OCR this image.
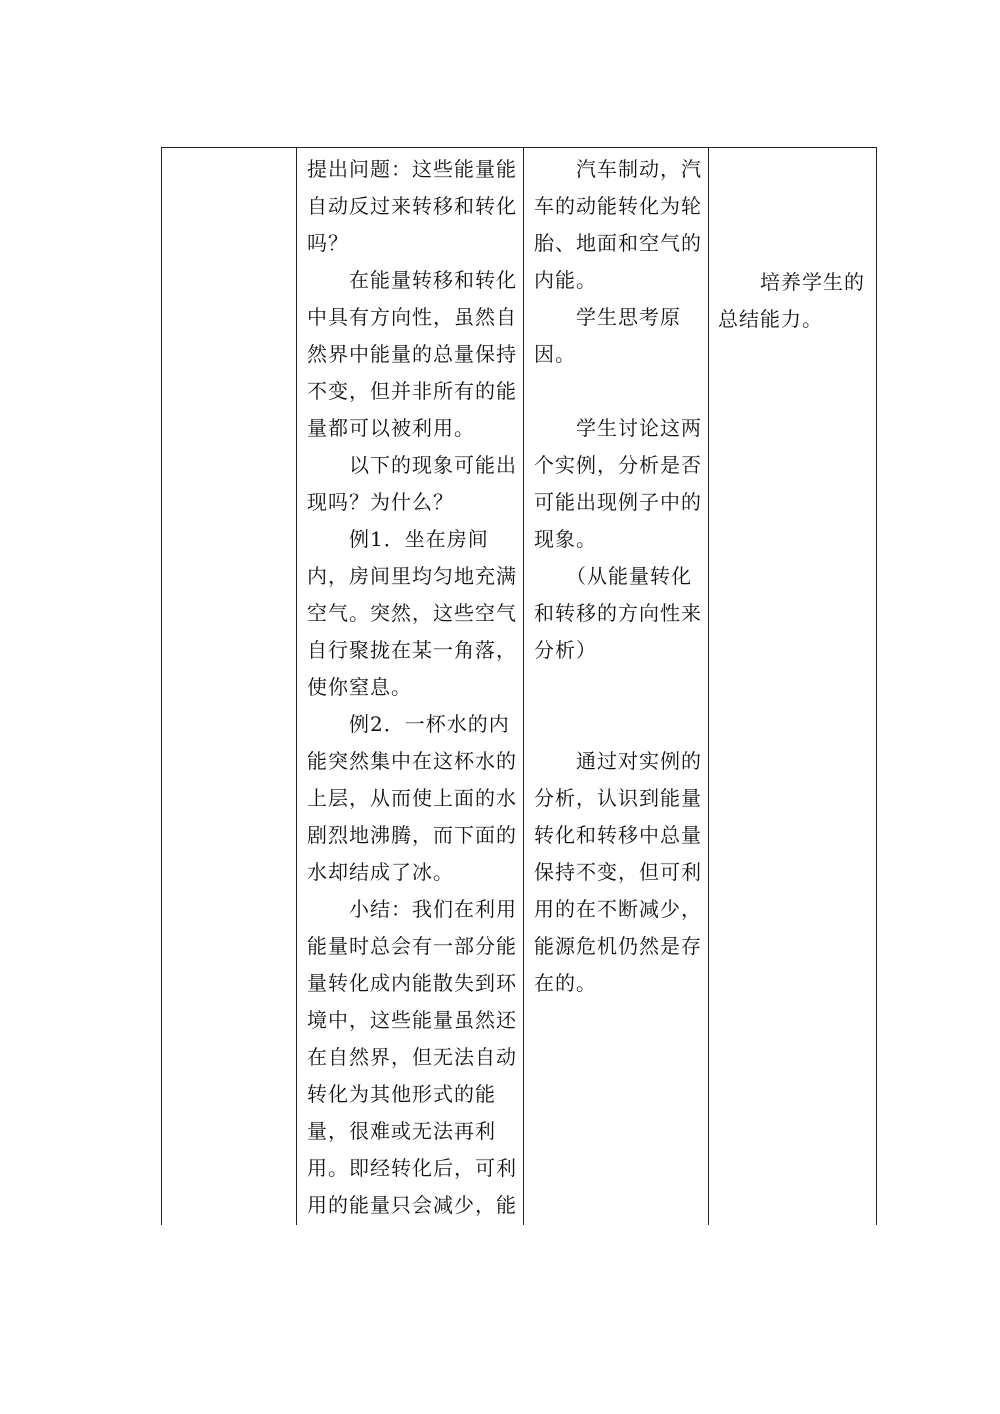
提出问题：这些能量能

自动反过来转移和转化

吗？

　　在能量转移和转化

中具有方向性，虽然自

然界中能量的总量保持

不变，但并非所有的能

量都可以被利用。

　　以下的现象可能出

现吗？为什么？

　　例1．坐在房间

内，房间里均匀地充满

空气。突然，这些空气

自行聚拢在某一角落，

使你窒息。

　　例2．一杯水的内

能突然集中在这杯水的

上层，从而使上面的水

剧烈地沸腾，而下面的

水却结成了冰。

　　小结：我们在利用

能量时总会有一部分能

量转化成内能散失到环

境中，这些能量虽然还

在自然界，但无法自动

转化为其他形式的能

量，很难或无法再利

用。即经转化后，可利

用的能量只会减少，能

　　汽车制动，汽

车的动能转化为轮

胎、地面和空气的

内能。

　　学生思考原

因。

　　学生讨论这两

个实例，分析是否

可能出现例子中的

现象。

　　（从能量转化

和转移的方向性来

分析）

　　通过对实例的

分析，认识到能量

转化和转移中总量

保持不变，但可利

用的在不断减少，

能源危机仍然是存

在的。

　　培养学生的

总结能力。
